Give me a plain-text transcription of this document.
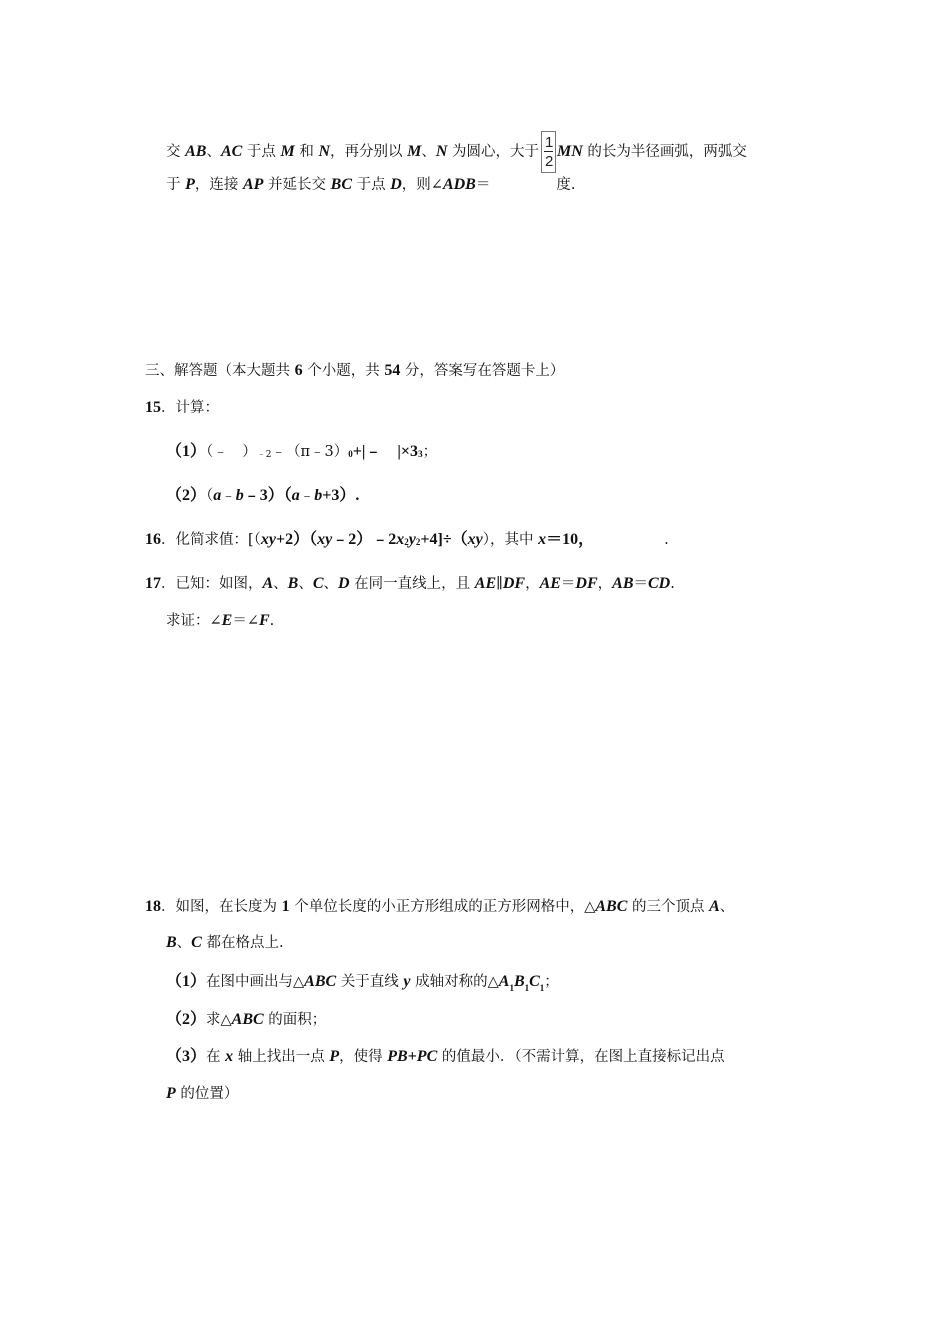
交 AB、AC 于点 M 和 N，再分别以 M、N 为圆心，大于 $\frac{1}{2}$ MN 的长为半径画弧，两弧交
于 P，连接 AP 并延长交 BC 于点 D，则∠ADB＝	度.
三、解答题（本大题共 6 个小题，共 54 分，答案写在答题卡上）
15．计算：
（1）（﹣　）﹣2﹣（π﹣3）0+|﹣　|×33；
（2）（a﹣b﹣3）（a﹣b+3）.
16．化简求值：[（xy+2）（xy﹣2）﹣2x2y2+4]÷（xy），其中 x＝10，	.
17．已知：如图，A、B、C、D 在同一直线上，且 AE∥DF，AE＝DF，AB＝CD.
求证：∠E＝∠F.
18．如图，在长度为 1 个单位长度的小正方形组成的正方形网格中，△ABC 的三个顶点 A、
B、C 都在格点上.
（1）在图中画出与△ABC 关于直线 y 成轴对称的$\triangle A_1B_1C_1$；
（2）求△ABC 的面积；
（3）在 x 轴上找出一点 P，使得 PB+PC 的值最小．（不需计算，在图上直接标记出点
P 的位置）
